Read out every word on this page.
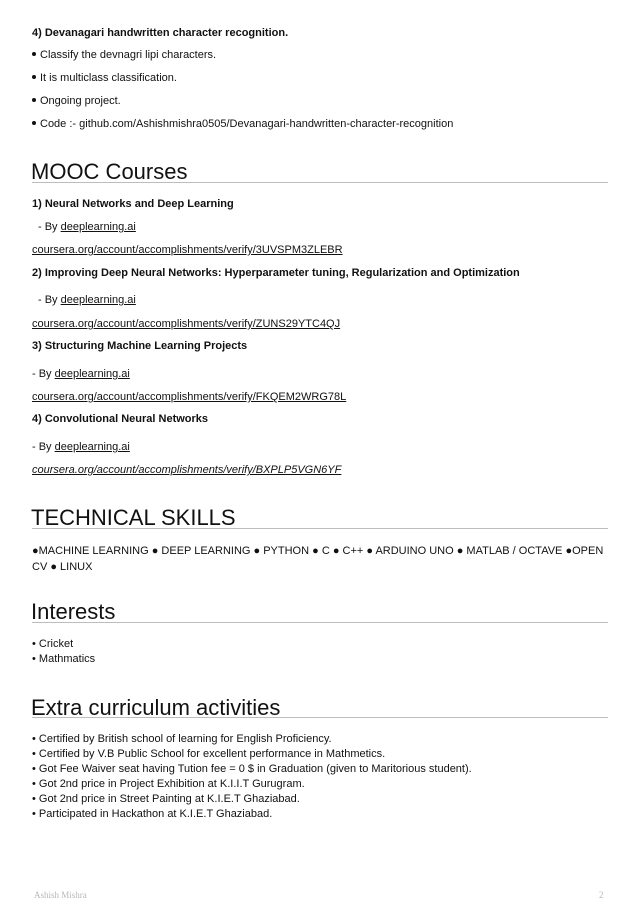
4) Devanagari handwritten character recognition.
Classify the devnagri lipi characters.
It is multiclass classification.
Ongoing project.
Code :- github.com/Ashishmishra0505/Devanagari-handwritten-character-recognition
MOOC Courses
1) Neural Networks and Deep Learning
- By deeplearning.ai
coursera.org/account/accomplishments/verify/3UVSPM3ZLEBR
2) Improving Deep Neural Networks: Hyperparameter tuning, Regularization and Optimization
- By deeplearning.ai
coursera.org/account/accomplishments/verify/ZUNS29YTC4QJ
3) Structuring Machine Learning Projects
- By deeplearning.ai
coursera.org/account/accomplishments/verify/FKQEM2WRG78L
4) Convolutional Neural Networks
- By deeplearning.ai
coursera.org/account/accomplishments/verify/BXPLP5VGN6YF
TECHNICAL SKILLS
●MACHINE LEARNING ● DEEP LEARNING ● PYTHON ● C ● C++ ● ARDUINO UNO ● MATLAB / OCTAVE ●OPEN CV ● LINUX
Interests
• Cricket
• Mathmatics
Extra curriculum activities
• Certified by British school of learning for English Proficiency.
• Certified by V.B Public School for excellent performance in Mathmetics.
• Got Fee Waiver seat having Tution fee = 0 $ in Graduation (given to Maritorious student).
• Got 2nd price in Project Exhibition at K.I.I.T Gurugram.
• Got 2nd price in Street Painting at K.I.E.T Ghaziabad.
• Participated in Hackathon at K.I.E.T Ghaziabad.
Ashish Mishra	2
